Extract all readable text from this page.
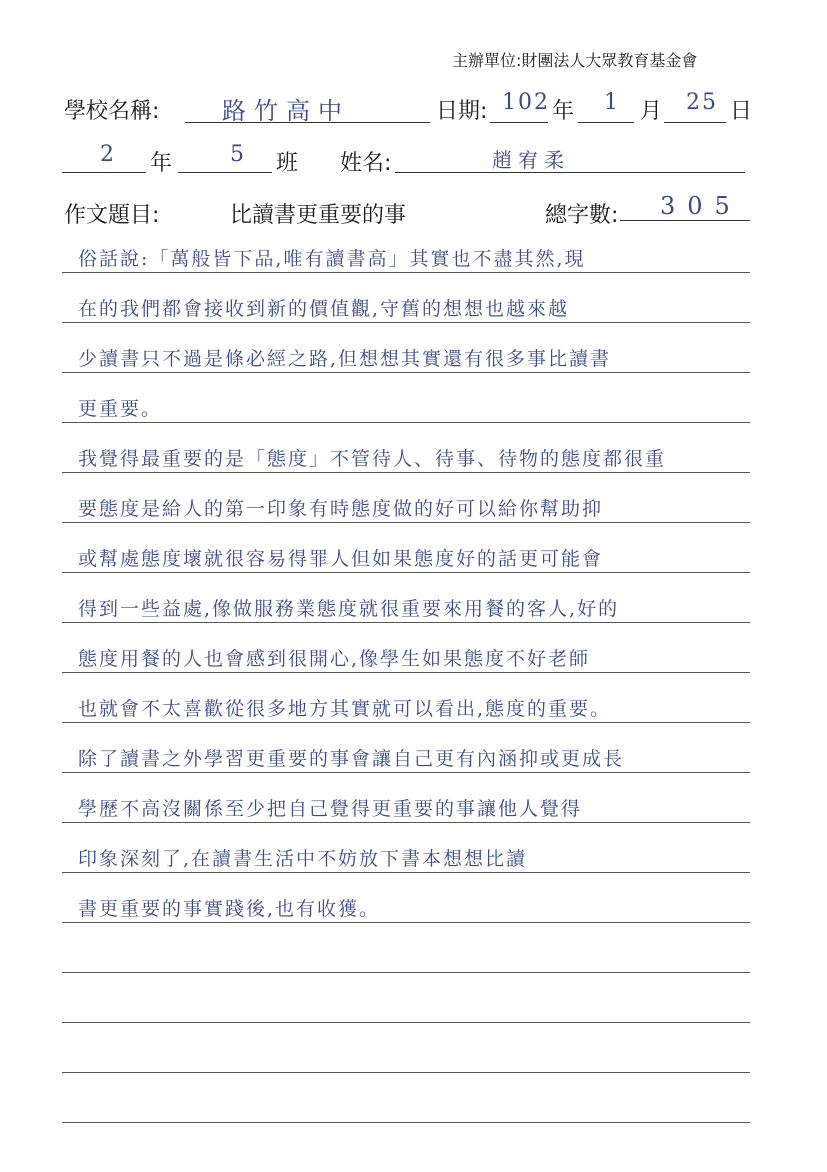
主辦單位:財團法人大眾教育基金會
學校名稱:	路竹高中	日期: 102 年 1 月 25 日
2 年	5 班 姓名:	趙宥柔
作文題目:	比讀書更重要的事	總字數: 305
俗話說:「萬般皆下品,唯有讀書高」其實也不盡其然,現
在的我們都會接收到新的價值觀,守舊的想想也越來越
少讀書只不過是條必經之路,但想想其實還有很多事比讀書
更重要。
我覺得最重要的是「態度」不管待人、待事、待物的態度都很重
要態度是給人的第一印象有時態度做的好可以給你幫助抑
或幫處態度壞就很容易得罪人但如果態度好的話更可能會
得到一些益處,像做服務業態度就很重要來用餐的客人,好的
態度用餐的人也會感到很開心,像學生如果態度不好老師
也就會不太喜歡從很多地方其實就可以看出,態度的重要。
除了讀書之外學習更重要的事會讓自己更有內涵抑或更成長
學歷不高沒關係至少把自己覺得更重要的事讓他人覺得
印象深刻了,在讀書生活中不妨放下書本想想比讀
書更重要的事實踐後,也有收獲。
